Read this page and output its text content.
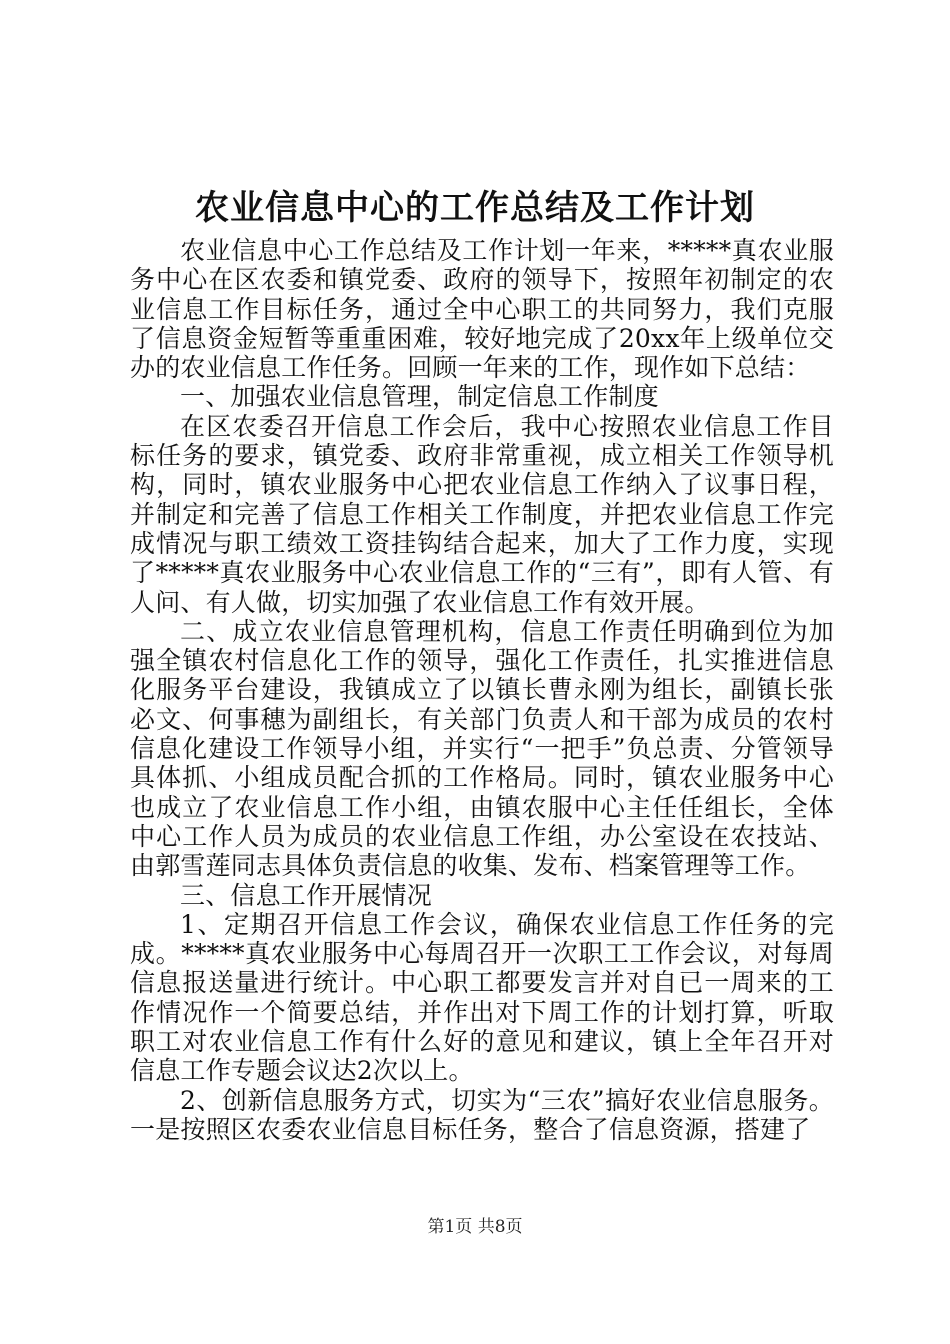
农业信息中心的工作总结及工作计划

农业信息中心工作总结及工作计划一年来，*****真农业服务中心在区农委和镇党委、政府的领导下，按照年初制定的农业信息工作目标任务，通过全中心职工的共同努力，我们克服了信息资金短暂等重重困难，较好地完成了20xx年上级单位交办的农业信息工作任务。回顾一年来的工作，现作如下总结：

一、加强农业信息管理，制定信息工作制度

在区农委召开信息工作会后，我中心按照农业信息工作目标任务的要求，镇党委、政府非常重视，成立相关工作领导机构，同时，镇农业服务中心把农业信息工作纳入了议事日程，并制定和完善了信息工作相关工作制度，并把农业信息工作完成情况与职工绩效工资挂钩结合起来，加大了工作力度，实现了*****真农业服务中心农业信息工作的“三有”，即有人管、有人问、有人做，切实加强了农业信息工作有效开展。

二、成立农业信息管理机构，信息工作责任明确到位为加强全镇农村信息化工作的领导，强化工作责任，扎实推进信息化服务平台建设，我镇成立了以镇长曹永刚为组长，副镇长张必文、何事穗为副组长，有关部门负责人和干部为成员的农村信息化建设工作领导小组，并实行“一把手”负总责、分管领导具体抓、小组成员配合抓的工作格局。同时，镇农业服务中心也成立了农业信息工作小组，由镇农服中心主任任组长，全体中心工作人员为成员的农业信息工作组，办公室设在农技站、由郭雪莲同志具体负责信息的收集、发布、档案管理等工作。

三、信息工作开展情况

1、定期召开信息工作会议，确保农业信息工作任务的完成。*****真农业服务中心每周召开一次职工工作会议，对每周信息报送量进行统计。中心职工都要发言并对自已一周来的工作情况作一个简要总结，并作出对下周工作的计划打算，听取职工对农业信息工作有什么好的意见和建议，镇上全年召开对信息工作专题会议达2次以上。

2、创新信息服务方式，切实为“三农”搞好农业信息服务。一是按照区农委农业信息目标任务，整合了信息资源，搭建了

第1页 共8页
